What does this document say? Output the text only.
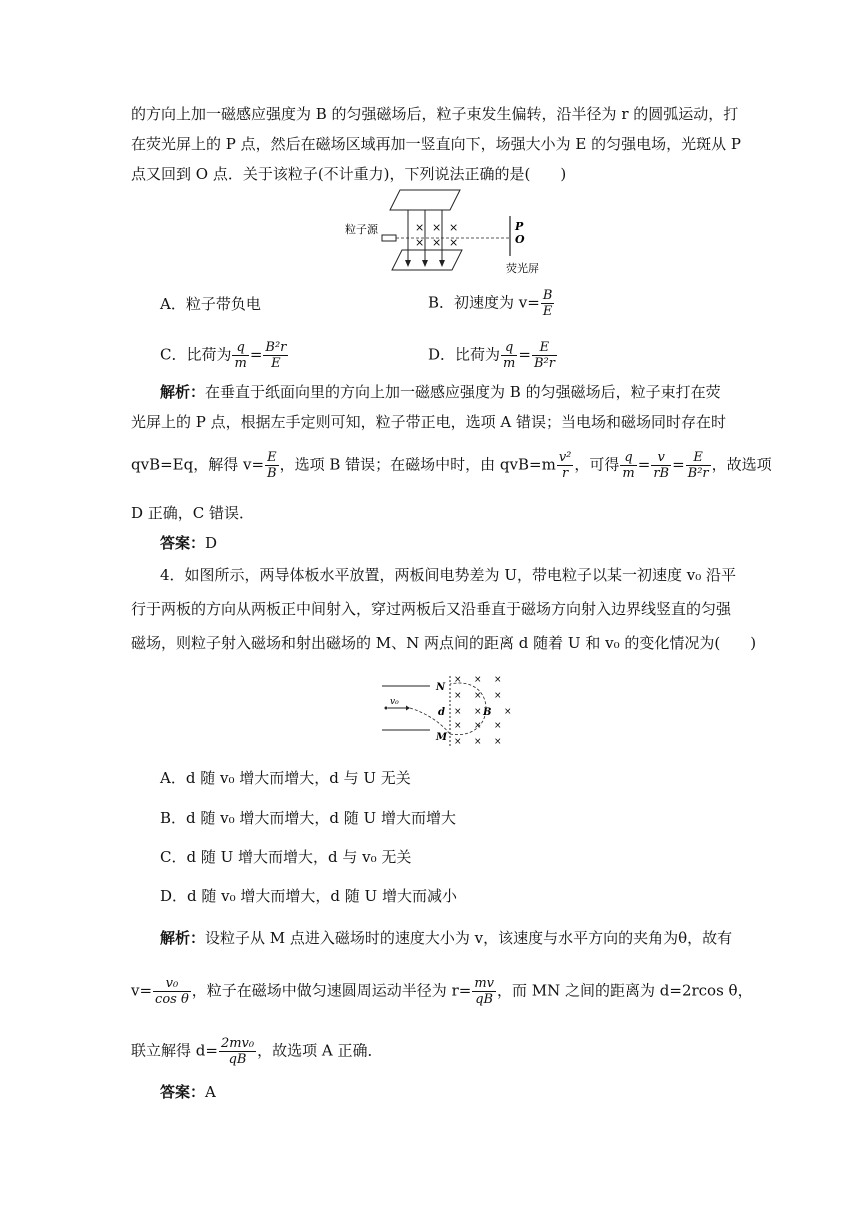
的方向上加一磁感应强度为 B 的匀强磁场后，粒子束发生偏转，沿半径为 r 的圆弧运动，打
在荧光屏上的 P 点，然后在磁场区域再加一竖直向下，场强大小为 E 的匀强电场，光斑从 P
点又回到 O 点．关于该粒子(不计重力)，下列说法正确的是(　　)
× × ×
× × ×
粒子源	P
O
荧光屏
A．粒子带负电	B．初速度为 $v= \frac{B}{E}$
C．比荷为 $\frac{q}{m} = \frac{\text{B²r}}{E}$	D．比荷为 $\frac{q}{m} = \frac{E}{\text{B²r}}$
解析：在垂直于纸面向里的方向上加一磁感应强度为 B 的匀强磁场后，粒子束打在荧
光屏上的 P 点，根据左手定则可知，粒子带正电，选项 A 错误；当电场和磁场同时存在时
qvB=Eq，解得 $v= \frac{E}{B}$ ，选项 B 错误；在磁场中时，由 $qvB=m \frac{\text{v²}}{r}$ ，可得 $\frac{q}{m} = \frac{v}{rB} = \frac{E}{\text{B²r}}$ ，故选项
D 正确，C 错误．
答案：D
4．如图所示，两导体板水平放置，两板间电势差为 U，带电粒子以某一初速度 v₀ 沿平
行于两板的方向从两板正中间射入，穿过两板后又沿垂直于磁场方向射入边界线竖直的匀强
磁场，则粒子射入磁场和射出磁场的 M、N 两点间的距离 d 随着 U 和 v₀ 的变化情况为(　　)
v₀
N
M
d	B
× × ×
× × ×
× × ×
× × ×
× × ×
A．d 随 v₀ 增大而增大，d 与 U 无关
B．d 随 v₀ 增大而增大，d 随 U 增大而增大
C．d 随 U 增大而增大，d 与 v₀ 无关
D．d 随 v₀ 增大而增大，d 随 U 增大而减小
解析：设粒子从 M 点进入磁场时的速度大小为 v，该速度与水平方向的夹角为θ，故有
$v= \frac{\text{v₀}}{\text{cos θ}}$ ，粒子在磁场中做匀速圆周运动半径为 $r= \frac{mv}{qB}$ ，而 MN 之间的距离为 d=2rcos θ，
联立解得 $d= \frac{\text{2mv₀}}{qB}$ ，故选项 A 正确．
答案：A
